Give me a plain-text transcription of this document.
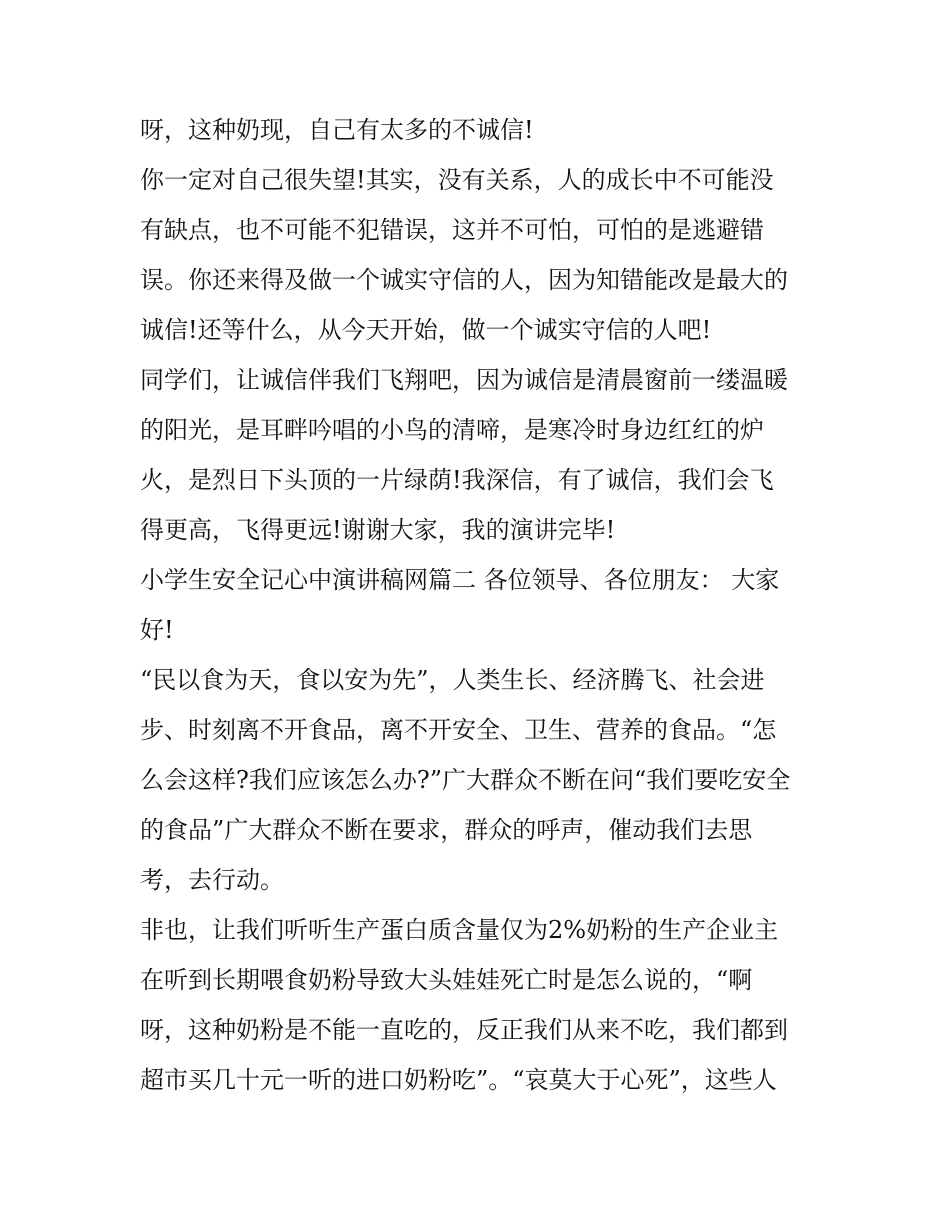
呀，这种奶现，自己有太多的不诚信!
你一定对自己很失望!其实，没有关系，人的成长中不可能没
有缺点，也不可能不犯错误，这并不可怕，可怕的是逃避错
误。你还来得及做一个诚实守信的人，因为知错能改是最大的
诚信!还等什么，从今天开始，做一个诚实守信的人吧!
同学们，让诚信伴我们飞翔吧，因为诚信是清晨窗前一缕温暖
的阳光，是耳畔吟唱的小鸟的清啼，是寒冷时身边红红的炉
火，是烈日下头顶的一片绿荫!我深信，有了诚信，我们会飞
得更高，飞得更远!谢谢大家，我的演讲完毕!
小学生安全记心中演讲稿网篇二 各位领导、各位朋友： 大家
好!
“民以食为天，食以安为先”，人类生长、经济腾飞、社会进
步、时刻离不开食品，离不开安全、卫生、营养的食品。“怎
么会这样?我们应该怎么办?”广大群众不断在问“我们要吃安全
的食品”广大群众不断在要求，群众的呼声，催动我们去思
考，去行动。
非也，让我们听听生产蛋白质含量仅为2%奶粉的生产企业主
在听到长期喂食奶粉导致大头娃娃死亡时是怎么说的，“啊
呀，这种奶粉是不能一直吃的，反正我们从来不吃，我们都到
超市买几十元一听的进口奶粉吃”。“哀莫大于心死”，这些人
